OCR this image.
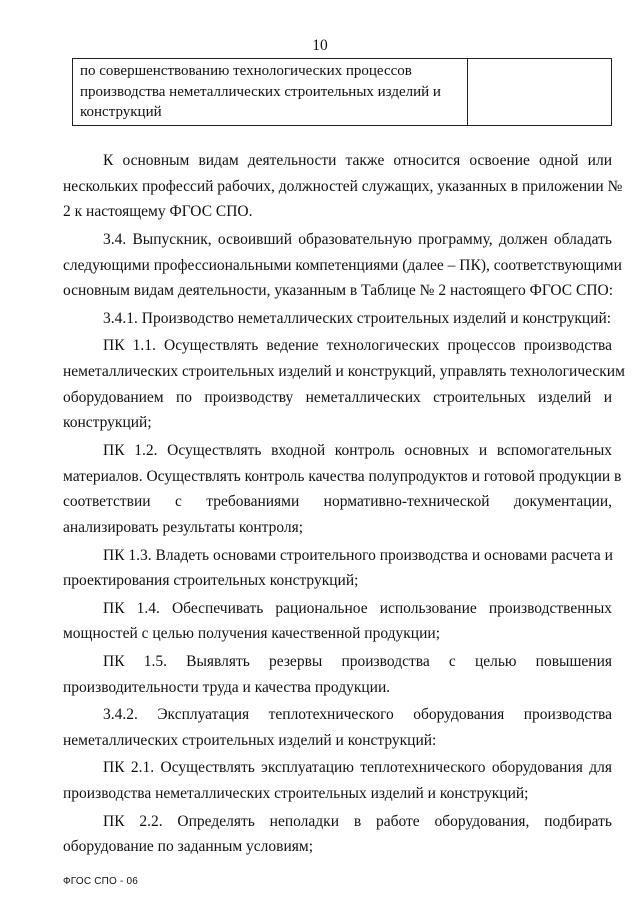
10
по совершенствованию технологических процессов
производства неметаллических строительных изделий и
конструкций

К основным видам деятельности также относится освоение одной или
нескольких профессий рабочих, должностей служащих, указанных в приложении №
2 к настоящему ФГОС СПО.

3.4. Выпускник, освоивший образовательную программу, должен обладать
следующими профессиональными компетенциями (далее – ПК), соответствующими
основным видам деятельности, указанным в Таблице № 2 настоящего ФГОС СПО:

3.4.1. Производство неметаллических строительных изделий и конструкций:

ПК 1.1. Осуществлять ведение технологических процессов производства
неметаллических строительных изделий и конструкций, управлять технологическим
оборудованием по производству неметаллических строительных изделий и
конструкций;

ПК 1.2. Осуществлять входной контроль основных и вспомогательных
материалов. Осуществлять контроль качества полупродуктов и готовой продукции в
соответствии с требованиями нормативно-технической документации,
анализировать результаты контроля;

ПК 1.3. Владеть основами строительного производства и основами расчета и
проектирования строительных конструкций;

ПК 1.4. Обеспечивать рациональное использование производственных
мощностей с целью получения качественной продукции;

ПК 1.5. Выявлять резервы производства с целью повышения
производительности труда и качества продукции.

3.4.2. Эксплуатация теплотехнического оборудования производства
неметаллических строительных изделий и конструкций:

ПК 2.1. Осуществлять эксплуатацию теплотехнического оборудования для
производства неметаллических строительных изделий и конструкций;

ПК 2.2. Определять неполадки в работе оборудования, подбирать
оборудование по заданным условиям;

ФГОС СПО - 06
